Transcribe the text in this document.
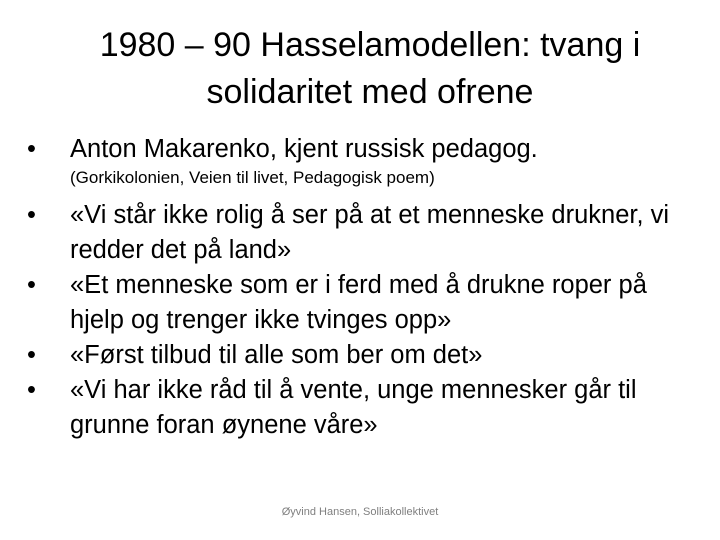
1980 – 90 Hasselamodellen: tvang i
solidaritet med ofrene
•	Anton Makarenko, kjent russisk pedagog.
(Gorkikolonien, Veien til livet, Pedagogisk poem)
•	«Vi står ikke rolig å ser på at et menneske drukner, vi redder det på land»
•	«Et menneske som er i ferd med å drukne roper på hjelp og trenger ikke tvinges opp»
•	«Først tilbud til alle som ber om det»
•	«Vi har ikke råd til å vente, unge mennesker går til grunne foran øynene våre»
Øyvind Hansen, Solliakollektivet
